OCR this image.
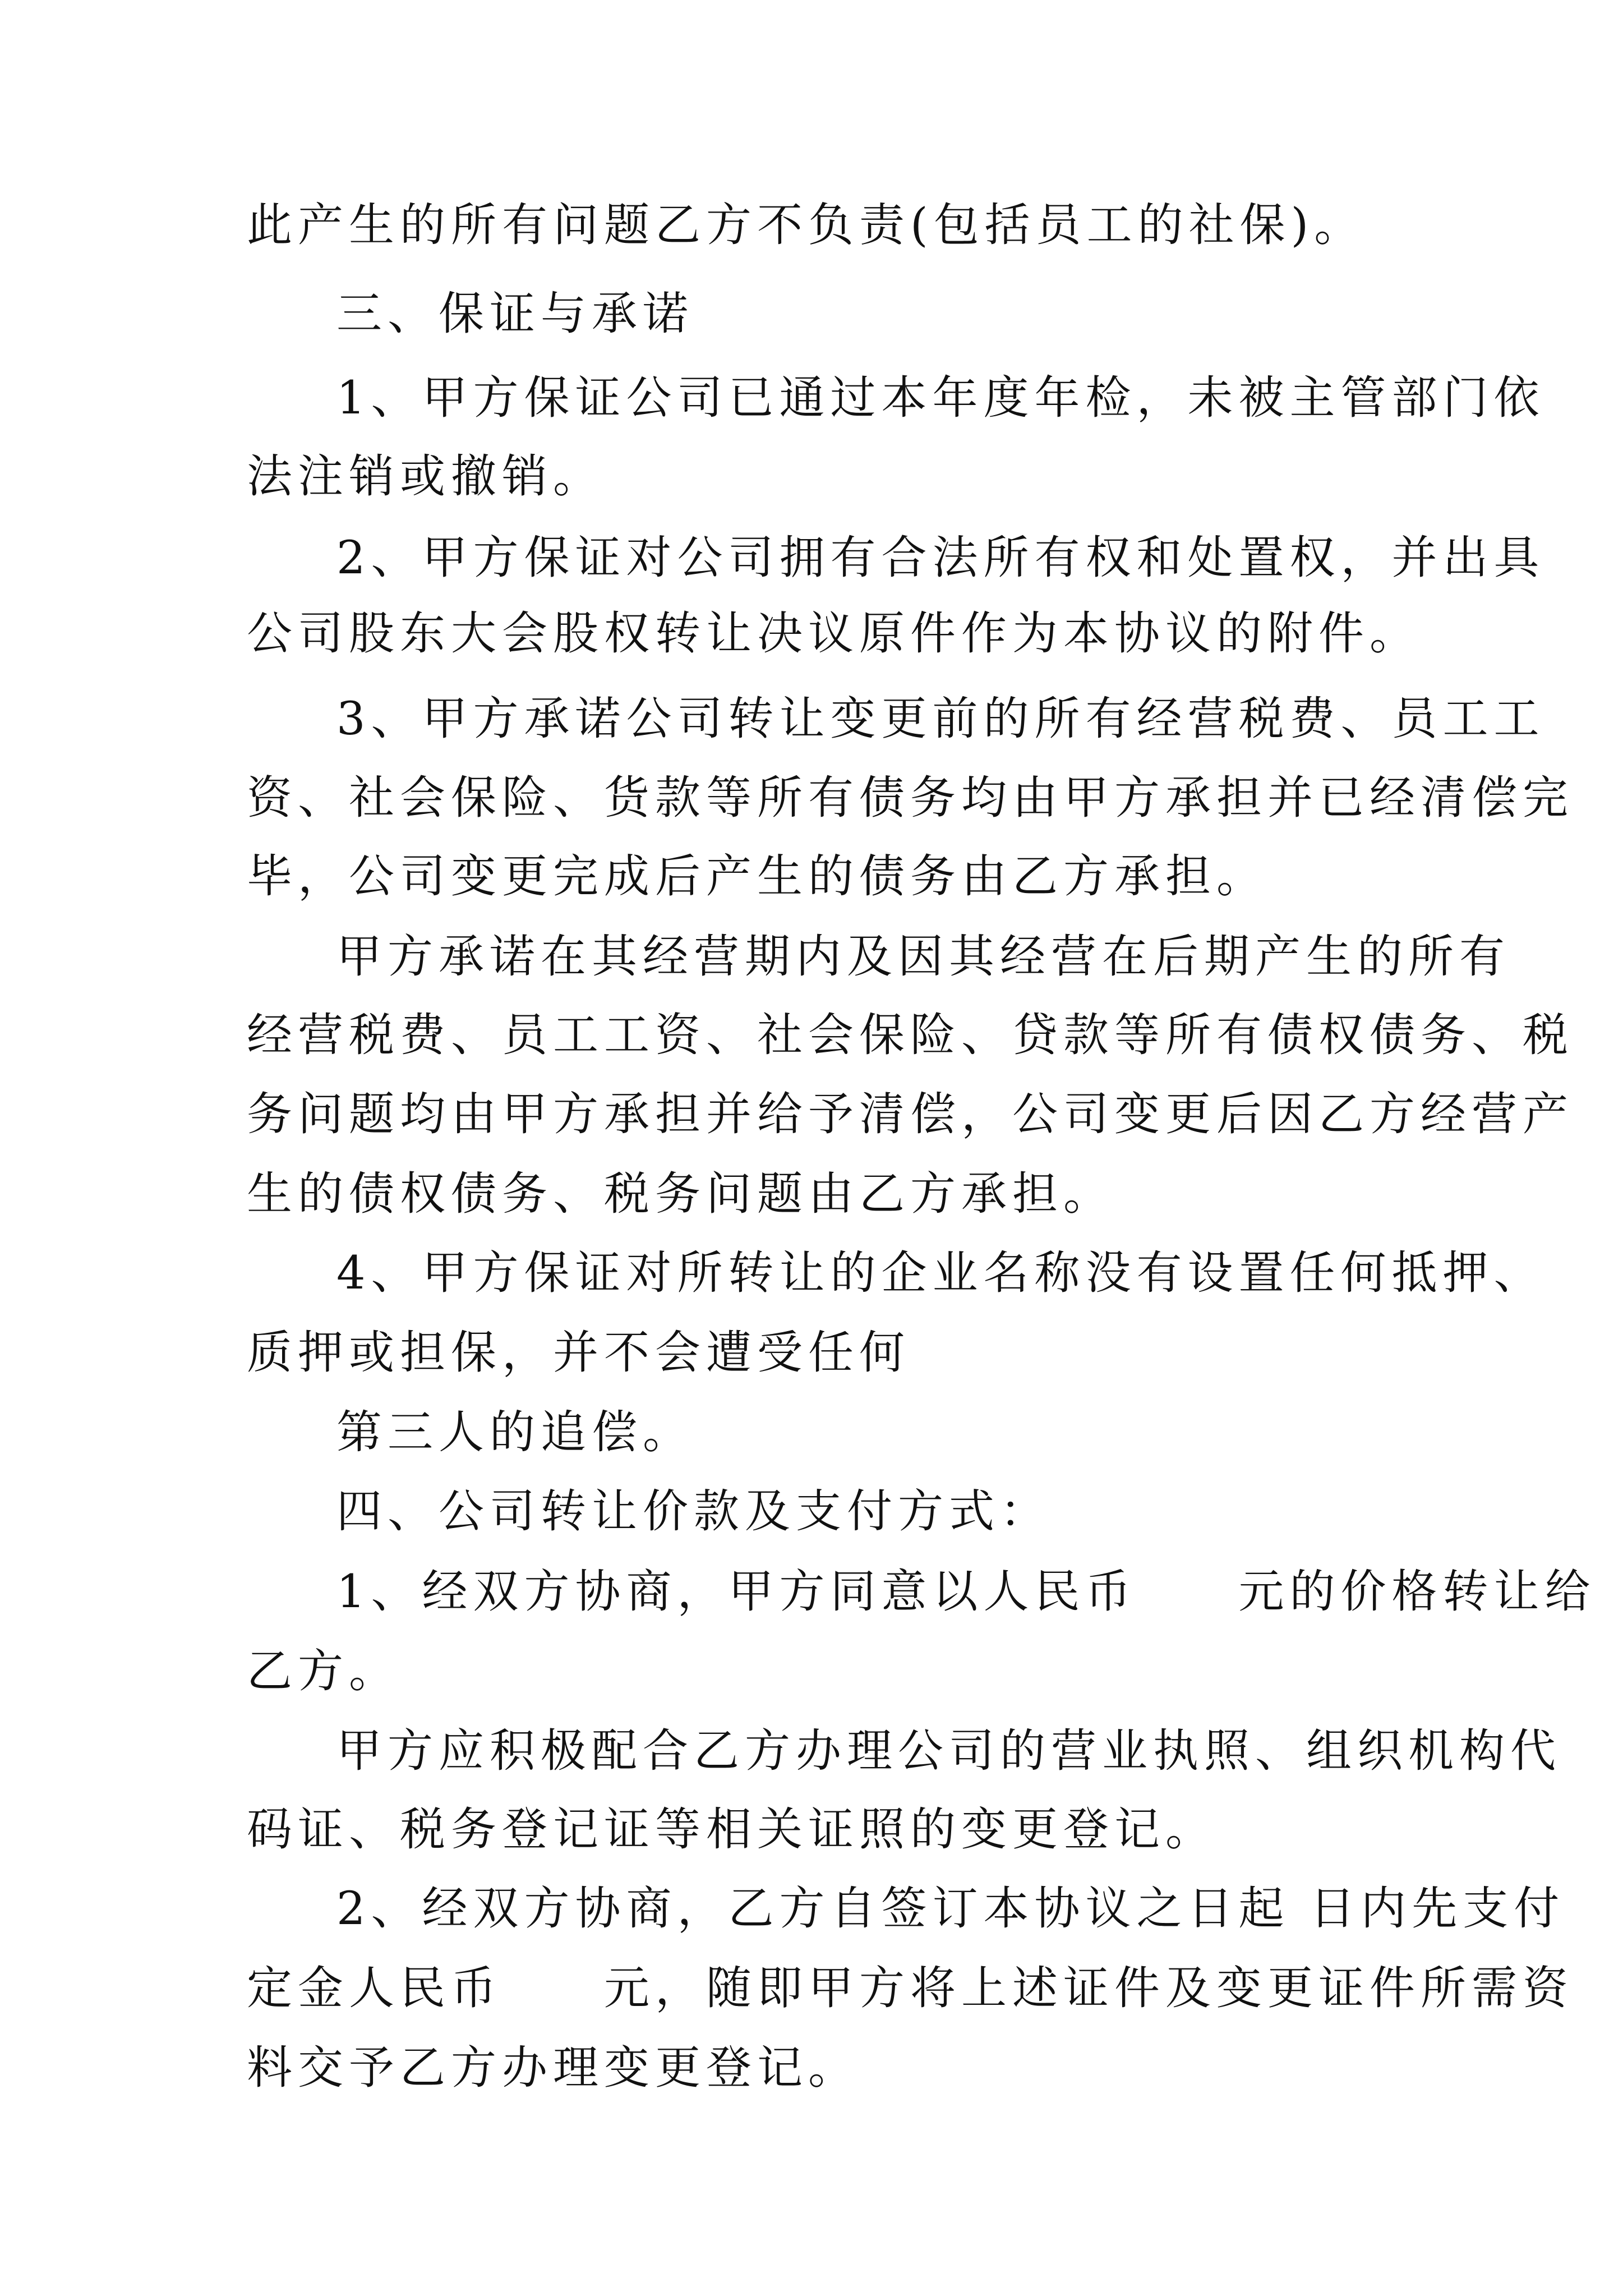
此产生的所有问题乙方不负责(包括员工的社保)。
三、保证与承诺
1、甲方保证公司已通过本年度年检，未被主管部门依
法注销或撤销。
2、甲方保证对公司拥有合法所有权和处置权，并出具
公司股东大会股权转让决议原件作为本协议的附件。
3、甲方承诺公司转让变更前的所有经营税费、员工工
资、社会保险、货款等所有债务均由甲方承担并已经清偿完
毕，公司变更完成后产生的债务由乙方承担。
甲方承诺在其经营期内及因其经营在后期产生的所有
经营税费、员工工资、社会保险、贷款等所有债权债务、税
务问题均由甲方承担并给予清偿，公司变更后因乙方经营产
生的债权债务、税务问题由乙方承担。
4、甲方保证对所转让的企业名称没有设置任何抵押、
质押或担保，并不会遭受任何
第三人的追偿。
四、公司转让价款及支付方式：
1、经双方协商，甲方同意以人民币　　元的价格转让给
乙方。
甲方应积极配合乙方办理公司的营业执照、组织机构代
码证、税务登记证等相关证照的变更登记。
2、经双方协商，乙方自签订本协议之日起 日内先支付
定金人民币　　元，随即甲方将上述证件及变更证件所需资
料交予乙方办理变更登记。
